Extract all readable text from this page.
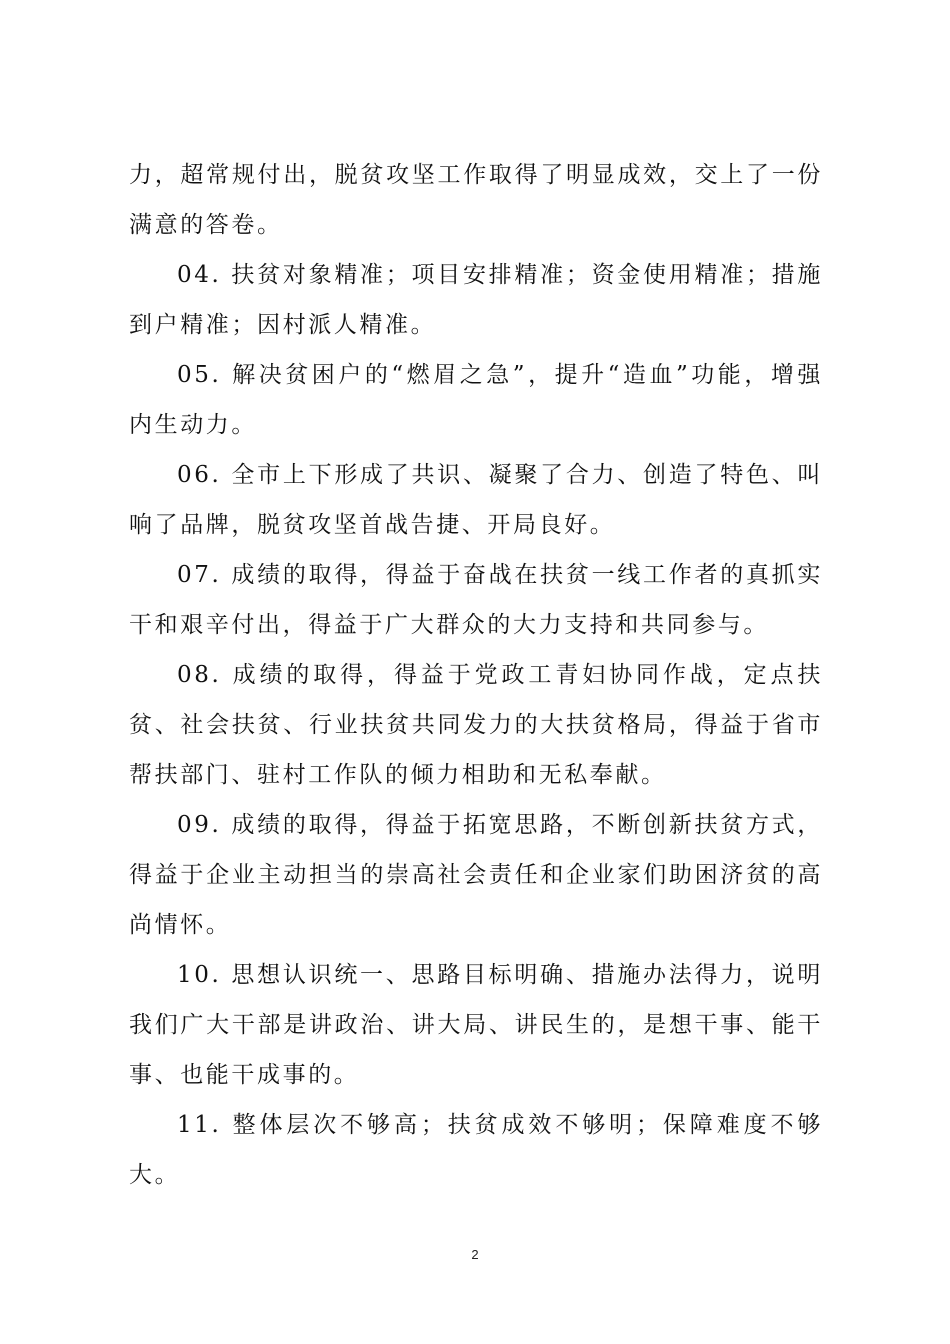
力，超常规付出，脱贫攻坚工作取得了明显成效，交上了一份满意的答卷。

04. 扶贫对象精准；项目安排精准；资金使用精准；措施到户精准；因村派人精准。

05. 解决贫困户的“燃眉之急”，提升“造血”功能，增强内生动力。

06. 全市上下形成了共识、凝聚了合力、创造了特色、叫响了品牌，脱贫攻坚首战告捷、开局良好。

07. 成绩的取得，得益于奋战在扶贫一线工作者的真抓实干和艰辛付出，得益于广大群众的大力支持和共同参与。

08. 成绩的取得，得益于党政工青妇协同作战，定点扶贫、社会扶贫、行业扶贫共同发力的大扶贫格局，得益于省市帮扶部门、驻村工作队的倾力相助和无私奉献。

09. 成绩的取得，得益于拓宽思路，不断创新扶贫方式，得益于企业主动担当的崇高社会责任和企业家们助困济贫的高尚情怀。

10. 思想认识统一、思路目标明确、措施办法得力，说明我们广大干部是讲政治、讲大局、讲民生的，是想干事、能干事、也能干成事的。

11. 整体层次不够高；扶贫成效不够明；保障难度不够大。

2
